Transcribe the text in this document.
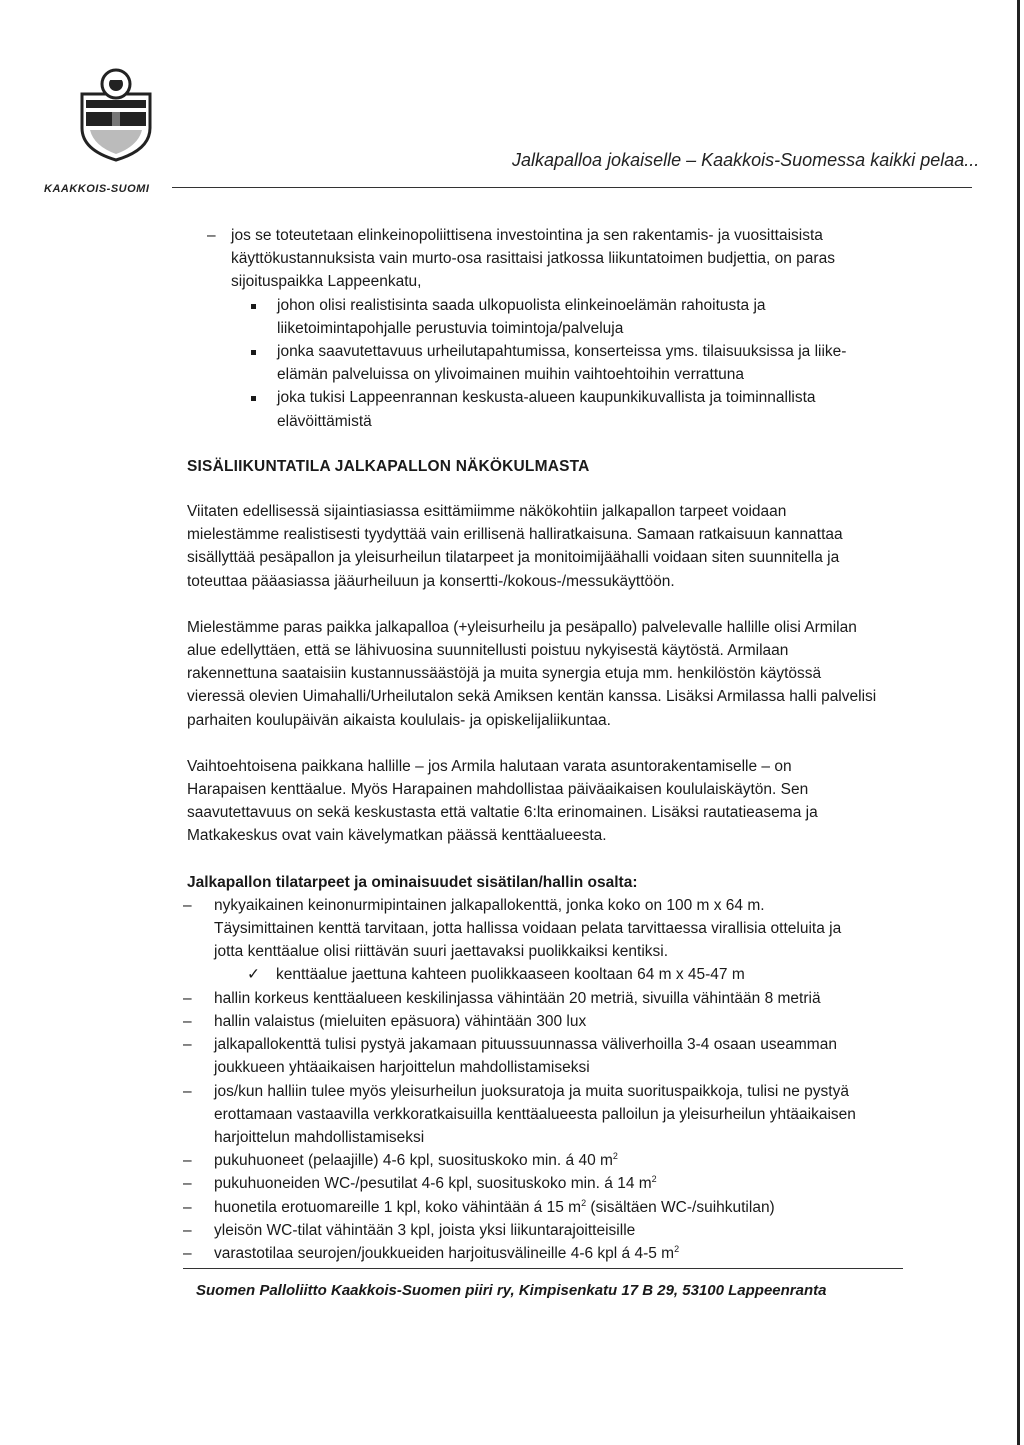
KAAKKOIS-SUOMI
Jalkapalloa jokaiselle – Kaakkois-Suomessa kaikki pelaa...
– jos se toteutetaan elinkeinopoliittisena investointina ja sen rakentamis- ja vuosittaisista
käyttökustannuksista vain murto-osa rasittaisi jatkossa liikuntatoimen budjettia, on paras
sijoituspaikka Lappeenkatu,
johon olisi realistisinta saada ulkopuolista elinkeinoelämän rahoitusta ja
liiketoimintapohjalle perustuvia toimintoja/palveluja
jonka saavutettavuus urheilutapahtumissa, konserteissa yms. tilaisuuksissa ja liike-
elämän palveluissa on ylivoimainen muihin vaihtoehtoihin verrattuna
joka tukisi Lappeenrannan keskusta-alueen kaupunkikuvallista ja toiminnallista
elävöittämistä
SISÄLIIKUNTATILA JALKAPALLON NÄKÖKULMASTA
Viitaten edellisessä sijaintiasiassa esittämiimme näkökohtiin jalkapallon tarpeet voidaan
mielestämme realistisesti tyydyttää vain erillisenä halliratkaisuna. Samaan ratkaisuun kannattaa
sisällyttää pesäpallon ja yleisurheilun tilatarpeet ja monitoimijäähalli voidaan siten suunnitella ja
toteuttaa pääasiassa jääurheiluun ja konsertti-/kokous-/messukäyttöön.
Mielestämme paras paikka jalkapalloa (+yleisurheilu ja pesäpallo) palvelevalle hallille olisi Armilan
alue edellyttäen, että se lähivuosina suunnitellusti poistuu nykyisestä käytöstä. Armilaan
rakennettuna saataisiin kustannussäästöjä ja muita synergia etuja mm. henkilöstön käytössä
vieressä olevien Uimahalli/Urheilutalon sekä Amiksen kentän kanssa. Lisäksi Armilassa halli palvelisi
parhaiten koulupäivän aikaista koululais- ja opiskelijaliikuntaa.
Vaihtoehtoisena paikkana hallille – jos Armila halutaan varata asuntorakentamiselle – on
Harapaisen kenttäalue. Myös Harapainen mahdollistaa päiväaikaisen koululaiskäytön. Sen
saavutettavuus on sekä keskustasta että valtatie 6:lta erinomainen. Lisäksi rautatieasema ja
Matkakeskus ovat vain kävelymatkan päässä kenttäalueesta.
Jalkapallon tilatarpeet ja ominaisuudet sisätilan/hallin osalta:
– nykyaikainen keinonurmipintainen jalkapallokenttä, jonka koko on 100 m x 64 m.
Täysimittainen kenttä tarvitaan, jotta hallissa voidaan pelata tarvittaessa virallisia otteluita ja
jotta kenttäalue olisi riittävän suuri jaettavaksi puolikkaiksi kentiksi.
✓ kenttäalue jaettuna kahteen puolikkaaseen kooltaan 64 m x 45-47 m
– hallin korkeus kenttäalueen keskilinjassa vähintään 20 metriä, sivuilla vähintään 8 metriä
– hallin valaistus (mieluiten epäsuora) vähintään 300 lux
– jalkapallokenttä tulisi pystyä jakamaan pituussuunnassa väliverhoilla 3-4 osaan useamman
joukkueen yhtäaikaisen harjoittelun mahdollistamiseksi
– jos/kun halliin tulee myös yleisurheilun juoksuratoja ja muita suorituspaikkoja, tulisi ne pystyä
erottamaan vastaavilla verkkoratkaisuilla kenttäalueesta palloilun ja yleisurheilun yhtäaikaisen
harjoittelun mahdollistamiseksi
– pukuhuoneet (pelaajille) 4-6 kpl, suosituskoko min. á 40 $m^2$
– pukuhuoneiden WC-/pesutilat 4-6 kpl, suosituskoko min. á 14 $m^2$
– huonetila erotuomareille 1 kpl, koko vähintään á 15 $m^2$ (sisältäen WC-/suihkutilan)
– yleisön WC-tilat vähintään 3 kpl, joista yksi liikuntarajoitteisille
– varastotilaa seurojen/joukkueiden harjoitusvälineille 4-6 kpl á 4-5 $m^2$
Suomen Palloliitto Kaakkois-Suomen piiri ry, Kimpisenkatu 17 B 29, 53100 Lappeenranta
